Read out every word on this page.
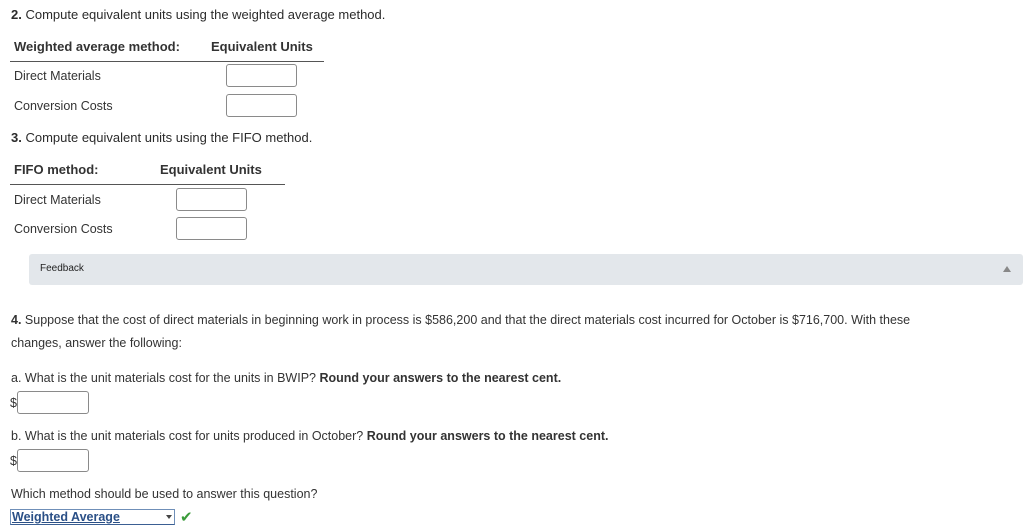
2. Compute equivalent units using the weighted average method.
Weighted average method: Equivalent Units
Direct Materials
Conversion Costs
3. Compute equivalent units using the FIFO method.
FIFO method:	Equivalent Units
Direct Materials
Conversion Costs
Feedback
4. Suppose that the cost of direct materials in beginning work in process is $586,200 and that the direct materials cost incurred for October is $716,700. With these
changes, answer the following:
a. What is the unit materials cost for the units in BWIP? Round your answers to the nearest cent.
$
b. What is the unit materials cost for units produced in October? Round your answers to the nearest cent.
$
Which method should be used to answer this question?
Weighted Average	✔
